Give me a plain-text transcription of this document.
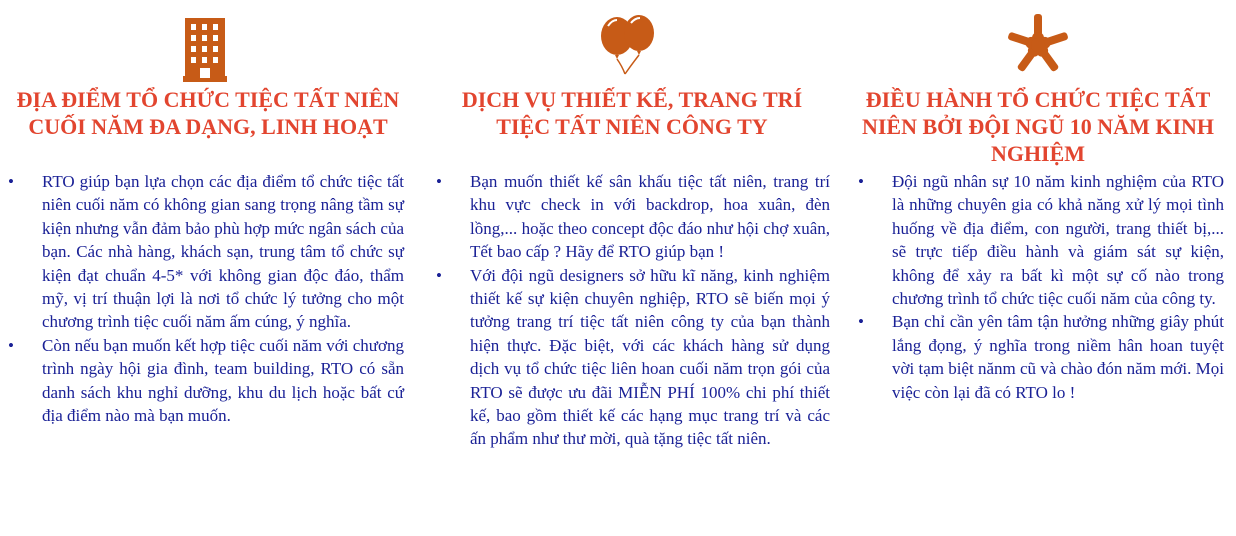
ĐỊA ĐIỂM TỔ CHỨC TIỆC TẤT NIÊN CUỐI NĂM ĐA DẠNG, LINH HOẠT
•	RTO giúp bạn lựa chọn các địa điểm tổ chức tiệc tất niên cuối năm có không gian sang trọng nâng tầm sự kiện nhưng vẫn đảm bảo phù hợp mức ngân sách của bạn. Các nhà hàng, khách sạn, trung tâm tổ chức sự kiện đạt chuẩn 4-5* với không gian độc đáo, thẩm mỹ, vị trí thuận lợi là nơi tổ chức lý tưởng cho một chương trình tiệc cuối năm ấm cúng, ý nghĩa.
•	Còn nếu bạn muốn kết hợp tiệc cuối năm với chương trình ngày hội gia đình, team building, RTO có sẵn danh sách khu nghỉ dưỡng, khu du lịch hoặc bất cứ địa điểm nào mà bạn muốn.
DỊCH VỤ THIẾT KẾ, TRANG TRÍ TIỆC TẤT NIÊN CÔNG TY
•	Bạn muốn thiết kế sân khấu tiệc tất niên, trang trí khu vực check in với backdrop, hoa xuân, đèn lồng,... hoặc theo concept độc đáo như hội chợ xuân, Tết bao cấp ? Hãy để RTO giúp bạn !
•	Với đội ngũ designers sở hữu kĩ năng, kinh nghiệm thiết kế sự kiện chuyên nghiệp, RTO sẽ biến mọi ý tưởng trang trí tiệc tất niên công ty của bạn thành hiện thực. Đặc biệt, với các khách hàng sử dụng dịch vụ tổ chức tiệc liên hoan cuối năm trọn gói của RTO sẽ được ưu đãi MIỄN PHÍ 100% chi phí thiết kế, bao gồm thiết kế các hạng mục trang trí và các ấn phẩm như thư mời, quà tặng tiệc tất niên.
ĐIỀU HÀNH TỔ CHỨC TIỆC TẤT NIÊN BỞI ĐỘI NGŨ 10 NĂM KINH NGHIỆM
•	Đội ngũ nhân sự 10 năm kinh nghiệm của RTO là những chuyên gia có khả năng xử lý mọi tình huống về địa điểm, con người, trang thiết bị,... sẽ trực tiếp điều hành và giám sát sự kiện, không để xảy ra bất kì một sự cố nào trong chương trình tổ chức tiệc cuối năm của công ty.
•	Bạn chỉ cần yên tâm tận hưởng những giây phút lắng đọng, ý nghĩa trong niềm hân hoan tuyệt vời tạm biệt nănm cũ và chào đón năm mới. Mọi việc còn lại đã có RTO lo !
